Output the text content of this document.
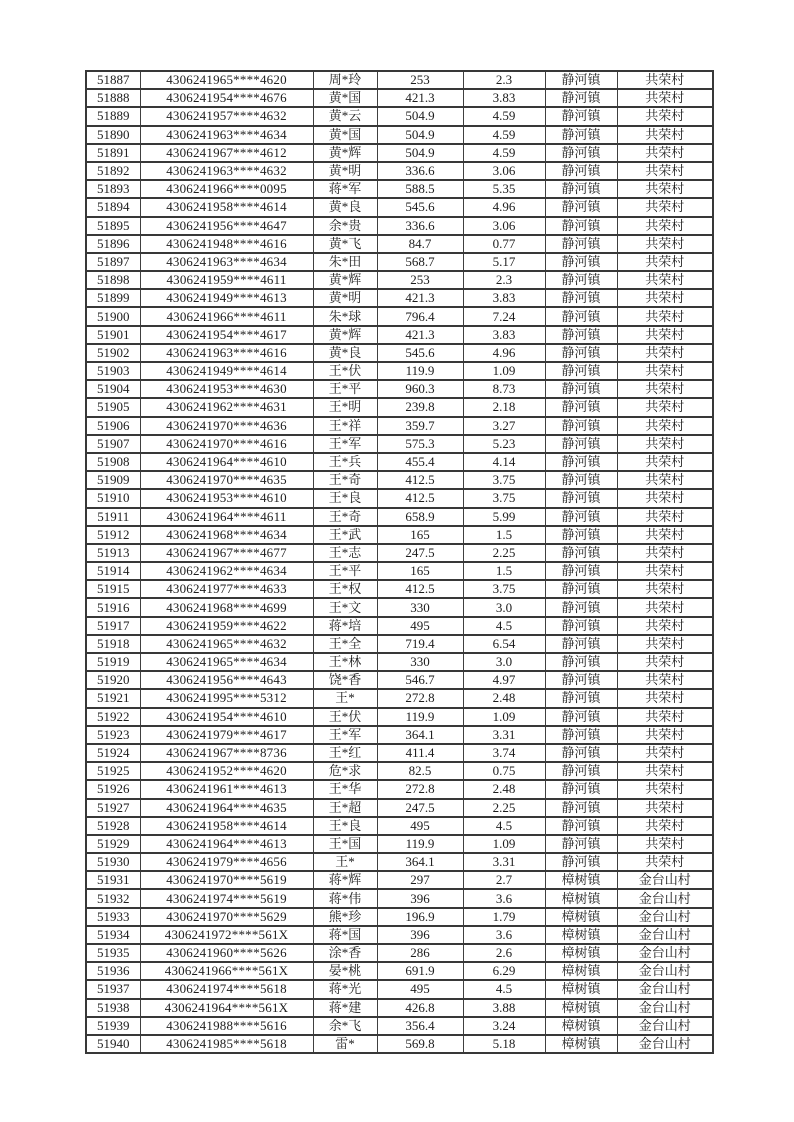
51887	4306241965****4620	周*玲	253	2.3	静河镇	共荣村
51888	4306241954****4676	黄*国	421.3	3.83	静河镇	共荣村
51889	4306241957****4632	黄*云	504.9	4.59	静河镇	共荣村
51890	4306241963****4634	黄*国	504.9	4.59	静河镇	共荣村
51891	4306241967****4612	黄*辉	504.9	4.59	静河镇	共荣村
51892	4306241963****4632	黄*明	336.6	3.06	静河镇	共荣村
51893	4306241966****0095	蒋*军	588.5	5.35	静河镇	共荣村
51894	4306241958****4614	黄*良	545.6	4.96	静河镇	共荣村
51895	4306241956****4647	余*贵	336.6	3.06	静河镇	共荣村
51896	4306241948****4616	黄*飞	84.7	0.77	静河镇	共荣村
51897	4306241963****4634	朱*田	568.7	5.17	静河镇	共荣村
51898	4306241959****4611	黄*辉	253	2.3	静河镇	共荣村
51899	4306241949****4613	黄*明	421.3	3.83	静河镇	共荣村
51900	4306241966****4611	朱*球	796.4	7.24	静河镇	共荣村
51901	4306241954****4617	黄*辉	421.3	3.83	静河镇	共荣村
51902	4306241963****4616	黄*良	545.6	4.96	静河镇	共荣村
51903	4306241949****4614	王*伏	119.9	1.09	静河镇	共荣村
51904	4306241953****4630	王*平	960.3	8.73	静河镇	共荣村
51905	4306241962****4631	王*明	239.8	2.18	静河镇	共荣村
51906	4306241970****4636	王*祥	359.7	3.27	静河镇	共荣村
51907	4306241970****4616	王*军	575.3	5.23	静河镇	共荣村
51908	4306241964****4610	王*兵	455.4	4.14	静河镇	共荣村
51909	4306241970****4635	王*奇	412.5	3.75	静河镇	共荣村
51910	4306241953****4610	王*良	412.5	3.75	静河镇	共荣村
51911	4306241964****4611	王*奇	658.9	5.99	静河镇	共荣村
51912	4306241968****4634	王*武	165	1.5	静河镇	共荣村
51913	4306241967****4677	王*志	247.5	2.25	静河镇	共荣村
51914	4306241962****4634	王*平	165	1.5	静河镇	共荣村
51915	4306241977****4633	王*权	412.5	3.75	静河镇	共荣村
51916	4306241968****4699	王*文	330	3.0	静河镇	共荣村
51917	4306241959****4622	蒋*培	495	4.5	静河镇	共荣村
51918	4306241965****4632	王*全	719.4	6.54	静河镇	共荣村
51919	4306241965****4634	王*林	330	3.0	静河镇	共荣村
51920	4306241956****4643	饶*香	546.7	4.97	静河镇	共荣村
51921	4306241995****5312	王*	272.8	2.48	静河镇	共荣村
51922	4306241954****4610	王*伏	119.9	1.09	静河镇	共荣村
51923	4306241979****4617	王*军	364.1	3.31	静河镇	共荣村
51924	4306241967****8736	王*红	411.4	3.74	静河镇	共荣村
51925	4306241952****4620	危*求	82.5	0.75	静河镇	共荣村
51926	4306241961****4613	王*华	272.8	2.48	静河镇	共荣村
51927	4306241964****4635	王*超	247.5	2.25	静河镇	共荣村
51928	4306241958****4614	王*良	495	4.5	静河镇	共荣村
51929	4306241964****4613	王*国	119.9	1.09	静河镇	共荣村
51930	4306241979****4656	王*	364.1	3.31	静河镇	共荣村
51931	4306241970****5619	蒋*辉	297	2.7	樟树镇	金台山村
51932	4306241974****5619	蒋*伟	396	3.6	樟树镇	金台山村
51933	4306241970****5629	熊*珍	196.9	1.79	樟树镇	金台山村
51934	4306241972****561X	蒋*国	396	3.6	樟树镇	金台山村
51935	4306241960****5626	涂*香	286	2.6	樟树镇	金台山村
51936	4306241966****561X	晏*桃	691.9	6.29	樟树镇	金台山村
51937	4306241974****5618	蒋*光	495	4.5	樟树镇	金台山村
51938	4306241964****561X	蒋*建	426.8	3.88	樟树镇	金台山村
51939	4306241988****5616	余*飞	356.4	3.24	樟树镇	金台山村
51940	4306241985****5618	雷*	569.8	5.18	樟树镇	金台山村
